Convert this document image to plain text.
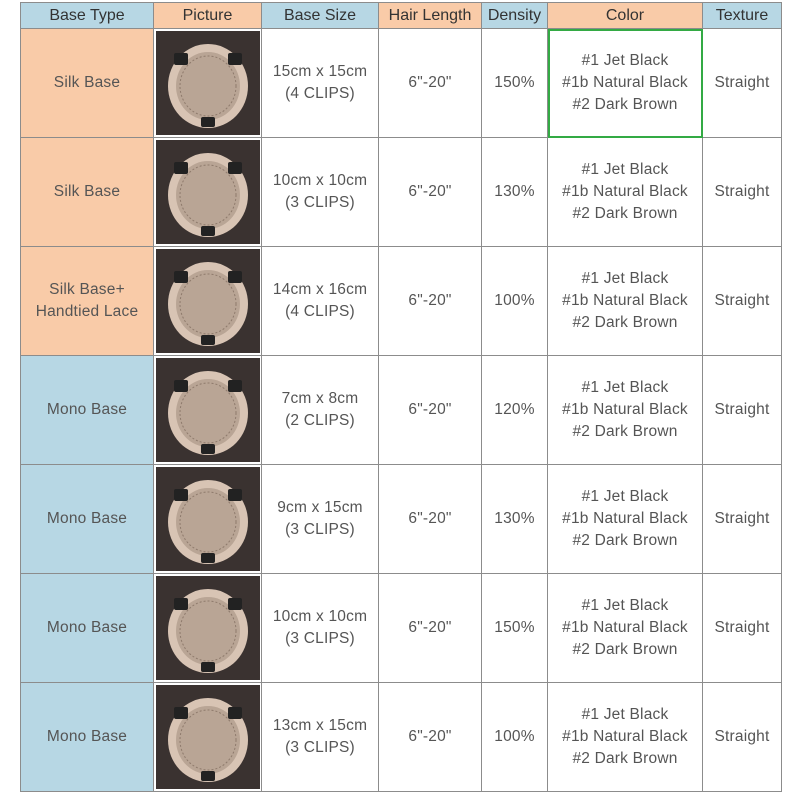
Base Type	Picture	Base Size	Hair Length	Density	Color	Texture

Silk Base		15cm x 15cm
(4 CLIPS)	6"-20"	150%	#1 Jet Black
#1b Natural Black
#2 Dark Brown	Straight

Silk Base		10cm x 10cm
(3 CLIPS)	6"-20"	130%	#1 Jet Black
#1b Natural Black
#2 Dark Brown	Straight

Silk Base+
Handtied Lace		14cm x 16cm
(4 CLIPS)	6"-20"	100%	#1 Jet Black
#1b Natural Black
#2 Dark Brown	Straight

Mono Base		7cm x 8cm
(2 CLIPS)	6"-20"	120%	#1 Jet Black
#1b Natural Black
#2 Dark Brown	Straight

Mono Base		9cm x 15cm
(3 CLIPS)	6"-20"	130%	#1 Jet Black
#1b Natural Black
#2 Dark Brown	Straight

Mono Base		10cm x 10cm
(3 CLIPS)	6"-20"	150%	#1 Jet Black
#1b Natural Black
#2 Dark Brown	Straight

Mono Base		13cm x 15cm
(3 CLIPS)	6"-20"	100%	#1 Jet Black
#1b Natural Black
#2 Dark Brown	Straight
